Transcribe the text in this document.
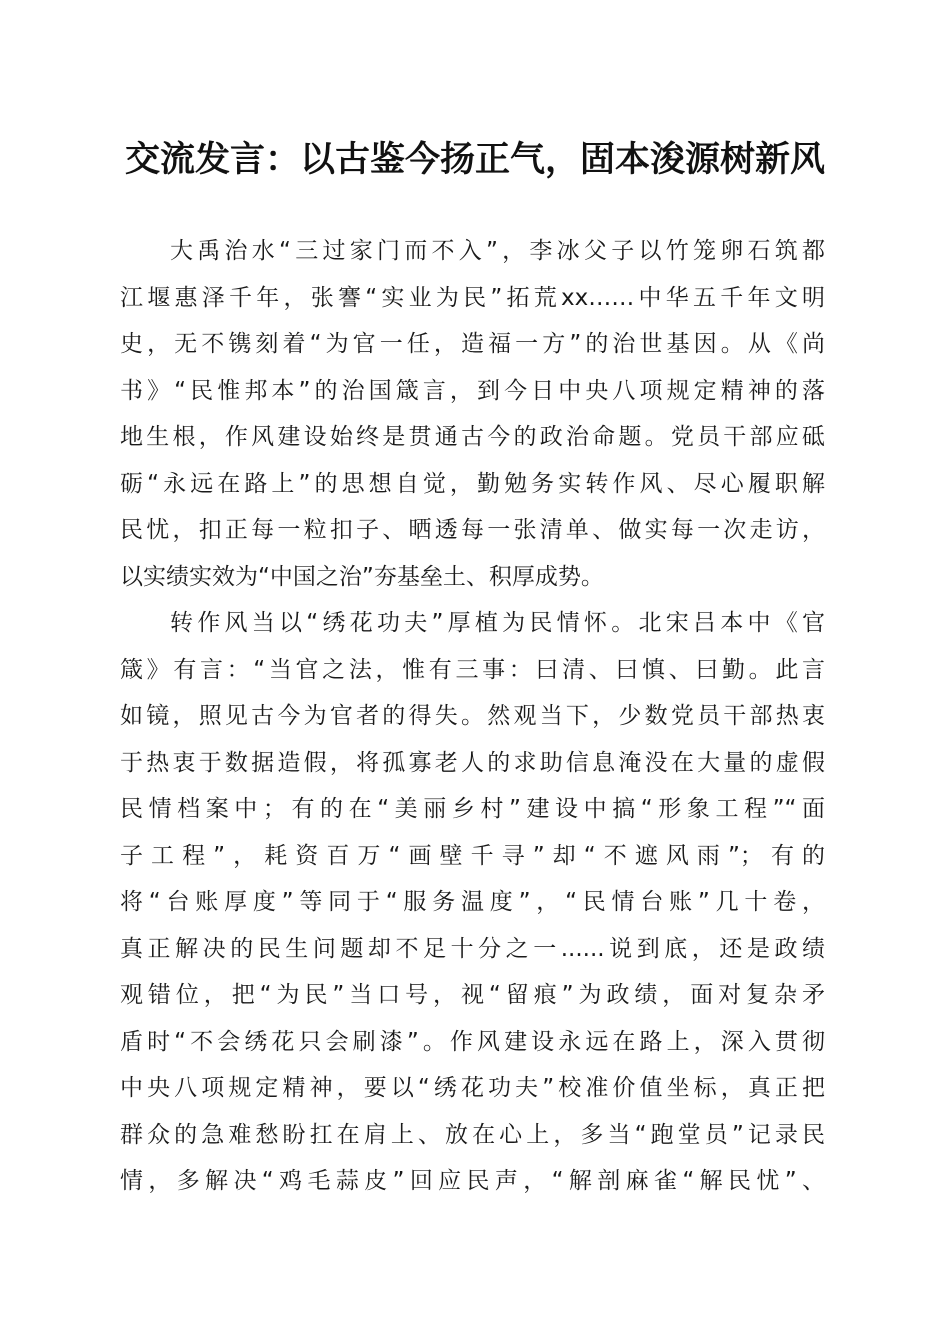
交流发言：以古鉴今扬正气，固本浚源树新风
大禹治水“三过家门而不入”，李冰父子以竹笼卵石筑都
江堰惠泽千年，张謇“实业为民”拓荒xx……中华五千年文明
史，无不镌刻着“为官一任，造福一方”的治世基因。从《尚
书》“民惟邦本”的治国箴言，到今日中央八项规定精神的落
地生根，作风建设始终是贯通古今的政治命题。党员干部应砥
砺“永远在路上”的思想自觉，勤勉务实转作风、尽心履职解
民忧，扣正每一粒扣子、晒透每一张清单、做实每一次走访，
以实绩实效为“中国之治”夯基垒土、积厚成势。
转作风当以“绣花功夫”厚植为民情怀。北宋吕本中《官
箴》有言：“当官之法，惟有三事：曰清、曰慎、曰勤。此言
如镜，照见古今为官者的得失。然观当下，少数党员干部热衷
于热衷于数据造假，将孤寡老人的求助信息淹没在大量的虚假
民情档案中；有的在“美丽乡村”建设中搞“形象工程”“面
子工程”，耗资百万“画壁千寻”却“不遮风雨”；有的
将“台账厚度”等同于“服务温度”，“民情台账”几十卷，
真正解决的民生问题却不足十分之一......说到底，还是政绩
观错位，把“为民”当口号，视“留痕”为政绩，面对复杂矛
盾时“不会绣花只会刷漆”。作风建设永远在路上，深入贯彻
中央八项规定精神，要以“绣花功夫”校准价值坐标，真正把
群众的急难愁盼扛在肩上、放在心上，多当“跑堂员”记录民
情，多解决“鸡毛蒜皮”回应民声，“解剖麻雀“解民忧”、
